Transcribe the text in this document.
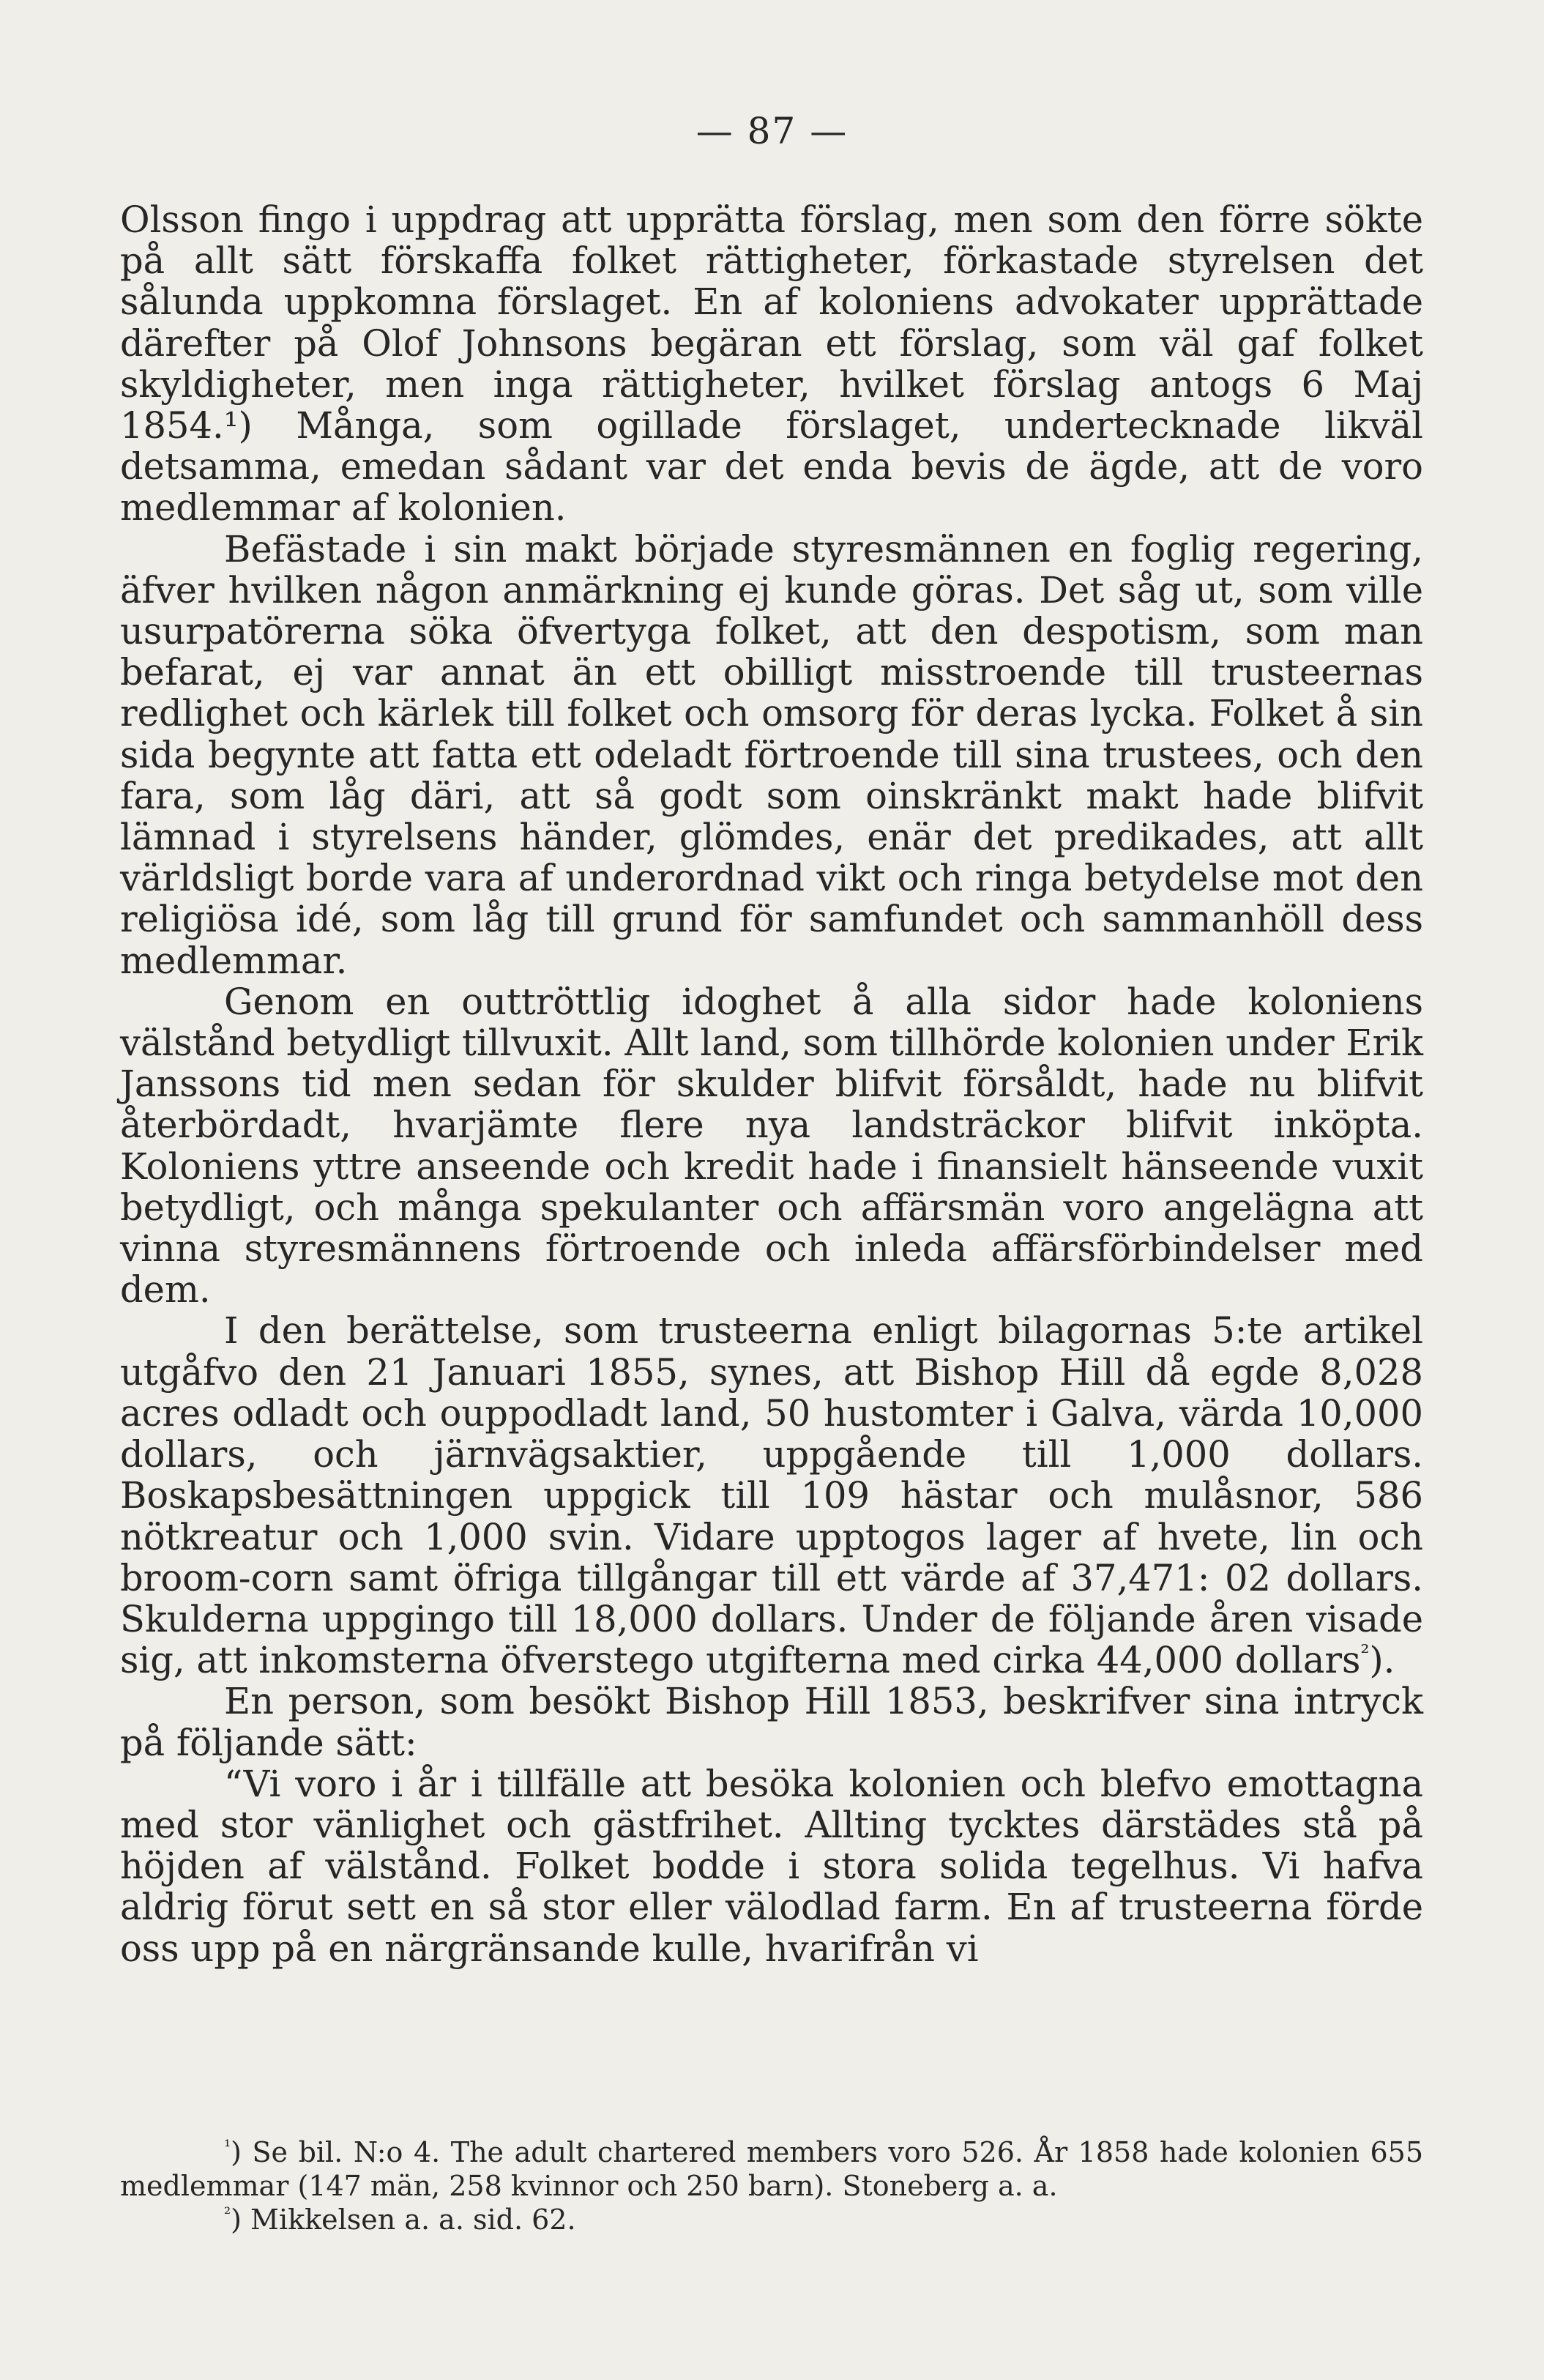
— 87 —

Olsson fingo i uppdrag att upprätta förslag, men som den förre sökte på allt sätt förskaffa folket rättigheter, förkastade styrelsen det sålunda uppkomna förslaget. En af koloniens advokater upprättade därefter på Olof Johnsons begäran ett förslag, som väl gaf folket skyldigheter, men inga rättigheter, hvilket förslag antogs 6 Maj 1854.¹) Många, som ogillade förslaget, undertecknade likväl detsamma, emedan sådant var det enda bevis de ägde, att de voro medlemmar af kolonien.

Befästade i sin makt började styresmännen en foglig regering, äfver hvilken någon anmärkning ej kunde göras. Det såg ut, som ville usurpatörerna söka öfvertyga folket, att den despotism, som man befarat, ej var annat än ett obilligt misstroende till trusteernas redlighet och kärlek till folket och omsorg för deras lycka. Folket å sin sida begynte att fatta ett odeladt förtroende till sina trustees, och den fara, som låg däri, att så godt som oinskränkt makt hade blifvit lämnad i styrelsens händer, glömdes, enär det predikades, att allt världsligt borde vara af underordnad vikt och ringa betydelse mot den religiösa idé, som låg till grund för samfundet och sammanhöll dess medlemmar.

Genom en outtröttlig idoghet å alla sidor hade koloniens välstånd betydligt tillvuxit. Allt land, som tillhörde kolonien under Erik Janssons tid men sedan för skulder blifvit försåldt, hade nu blifvit återbördadt, hvarjämte flere nya landsträckor blifvit inköpta. Koloniens yttre anseende och kredit hade i finansielt hänseende vuxit betydligt, och många spekulanter och affärsmän voro angelägna att vinna styresmännens förtroende och inleda affärsförbindelser med dem.

I den berättelse, som trusteerna enligt bilagornas 5:te artikel utgåfvo den 21 Januari 1855, synes, att Bishop Hill då egde 8,028 acres odladt och ouppodladt land, 50 hustomter i Galva, värda 10,000 dollars, och järnvägsaktier, uppgående till 1,000 dollars. Boskapsbesättningen uppgick till 109 hästar och mulåsnor, 586 nötkreatur och 1,000 svin. Vidare upptogos lager af hvete, lin och broom-corn samt öfriga tillgångar till ett värde af 37,471: 02 dollars. Skulderna uppgingo till 18,000 dollars. Under de följande åren visade sig, att inkomsterna öfverstego utgifterna med cirka 44,000 dollars$^{^2}$).

En person, som besökt Bishop Hill 1853, beskrifver sina intryck på följande sätt:

“Vi voro i år i tillfälle att besöka kolonien och blefvo emottagna med stor vänlighet och gästfrihet. Allting tycktes därstädes stå på höjden af välstånd. Folket bodde i stora solida tegelhus. Vi hafva aldrig förut sett en så stor eller välodlad farm. En af trusteerna förde oss upp på en närgränsande kulle, hvarifrån vi

$^{^1}$) Se bil. N:o 4. The adult chartered members voro 526. År 1858 hade kolonien 655 medlemmar (147 män, 258 kvinnor och 250 barn). Stoneberg a. a.

$^{^2}$) Mikkelsen a. a. sid. 62.
